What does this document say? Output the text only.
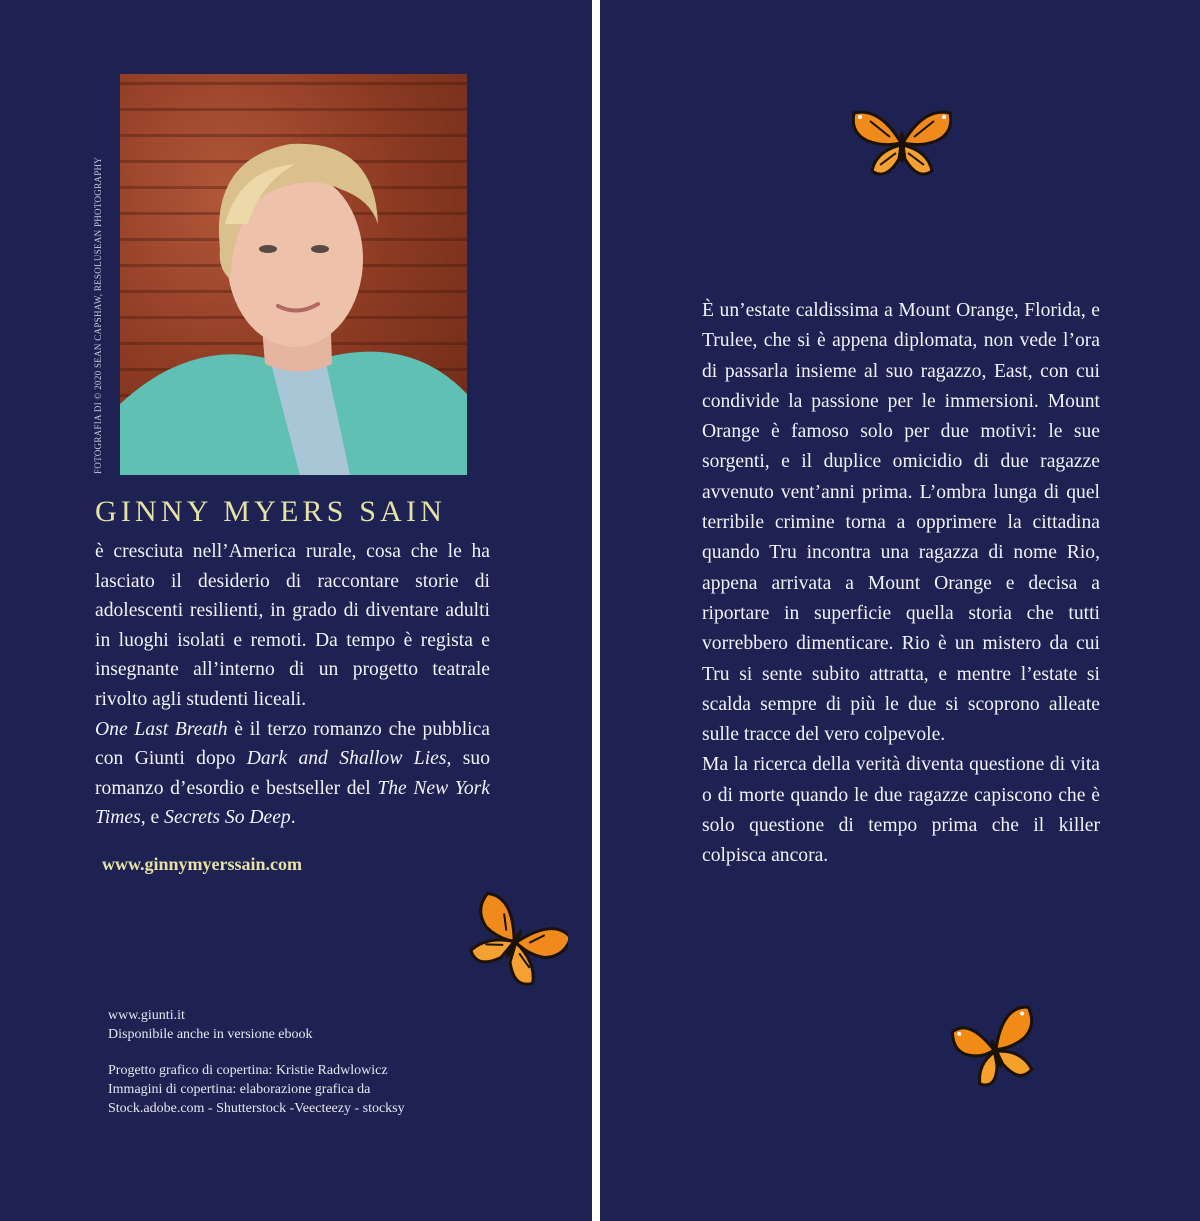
FOTOGRAFIA DI © 2020 SEAN CAPSHAW, RESOLUSEAN PHOTOGRAPHY
GINNY MYERS SAIN

è cresciuta nell’America rurale, cosa che le ha lasciato il desiderio di raccontare storie di adolescenti resilienti, in grado di diventare adulti in luoghi isolati e remoti. Da tempo è regista e insegnante all’interno di un progetto teatrale rivolto agli studenti liceali.

One Last Breath è il terzo romanzo che pubblica con Giunti dopo Dark and Shallow Lies, suo romanzo d’esordio e bestseller del The New York Times, e Secrets So Deep.

www.ginnymyerssain.com
www.giunti.it
Disponibile anche in versione ebook
Progetto grafico di copertina: Kristie Radwlowicz
Immagini di copertina: elaborazione grafica da
Stock.adobe.com - Shutterstock -Veecteezy - stocksy

È un’estate caldissima a Mount Orange, Florida, e Trulee, che si è appena diplomata, non vede l’ora di passarla insieme al suo ragazzo, East, con cui condivide la passione per le immersioni. Mount Orange è famoso solo per due motivi: le sue sorgenti, e il duplice omicidio di due ragazze avvenuto vent’anni prima. L’ombra lunga di quel terribile crimine torna a opprimere la cittadina quando Tru incontra una ragazza di nome Rio, appena arrivata a Mount Orange e decisa a riportare in superficie quella storia che tutti vorrebbero dimenticare. Rio è un mistero da cui Tru si sente subito attratta, e mentre l’estate si scalda sempre di più le due si scoprono alleate sulle tracce del vero colpevole.

Ma la ricerca della verità diventa questione di vita o di morte quando le due ragazze capiscono che è solo questione di tempo prima che il killer colpisca ancora.
